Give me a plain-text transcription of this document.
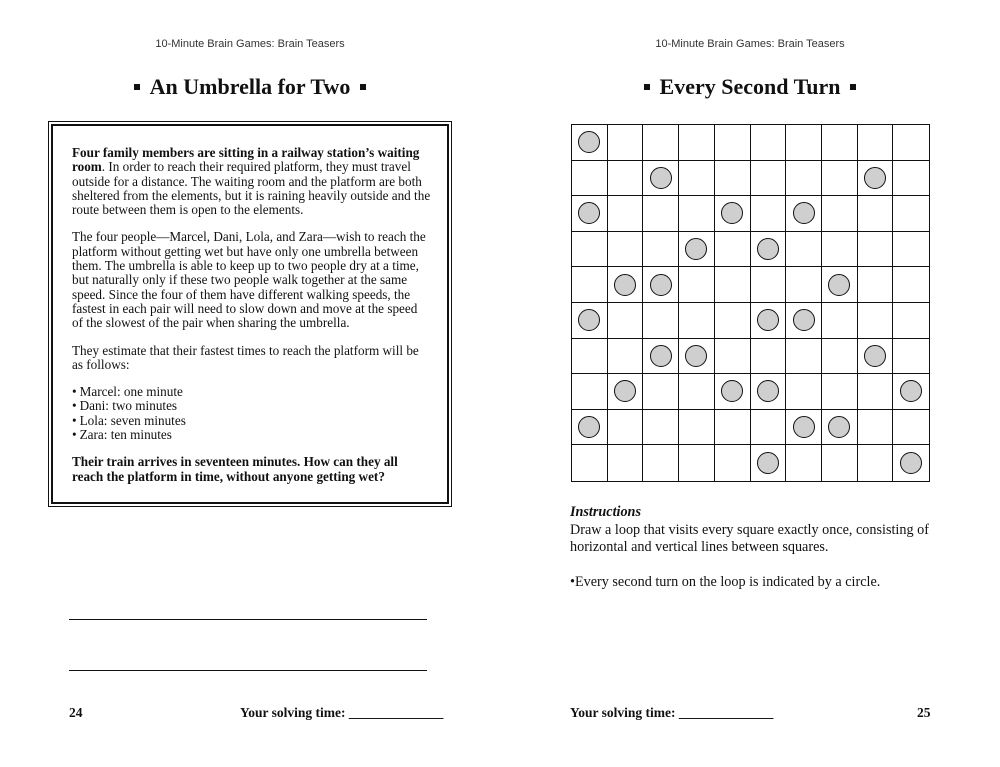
10-Minute Brain Games: Brain Teasers
An Umbrella for Two

Four family members are sitting in a railway station’s waiting room. In order to reach their required platform, they must travel outside for a distance. The waiting room and the platform are both sheltered from the elements, but it is raining heavily outside and the route between them is open to the elements.

The four people—Marcel, Dani, Lola, and Zara—wish to reach the platform without getting wet but have only one umbrella between them. The umbrella is able to keep up to two people dry at a time, but naturally only if these two people walk together at the same speed. Since the four of them have different walking speeds, the fastest in each pair will need to slow down and move at the speed of the slowest of the pair when sharing the umbrella.

They estimate that their fastest times to reach the platform will be as follows:

• Marcel: one minute
• Dani: two minutes
• Lola: seven minutes
• Zara: ten minutes

Their train arrives in seventeen minutes. How can they all reach the platform in time, without anyone getting wet?

24	Your solving time: ______________
10-Minute Brain Games: Brain Teasers
Every Second Turn
Instructions
Draw a loop that visits every square exactly once, consisting of horizontal and vertical lines between squares.
•Every second turn on the loop is indicated by a circle.
Your solving time: ______________	25
